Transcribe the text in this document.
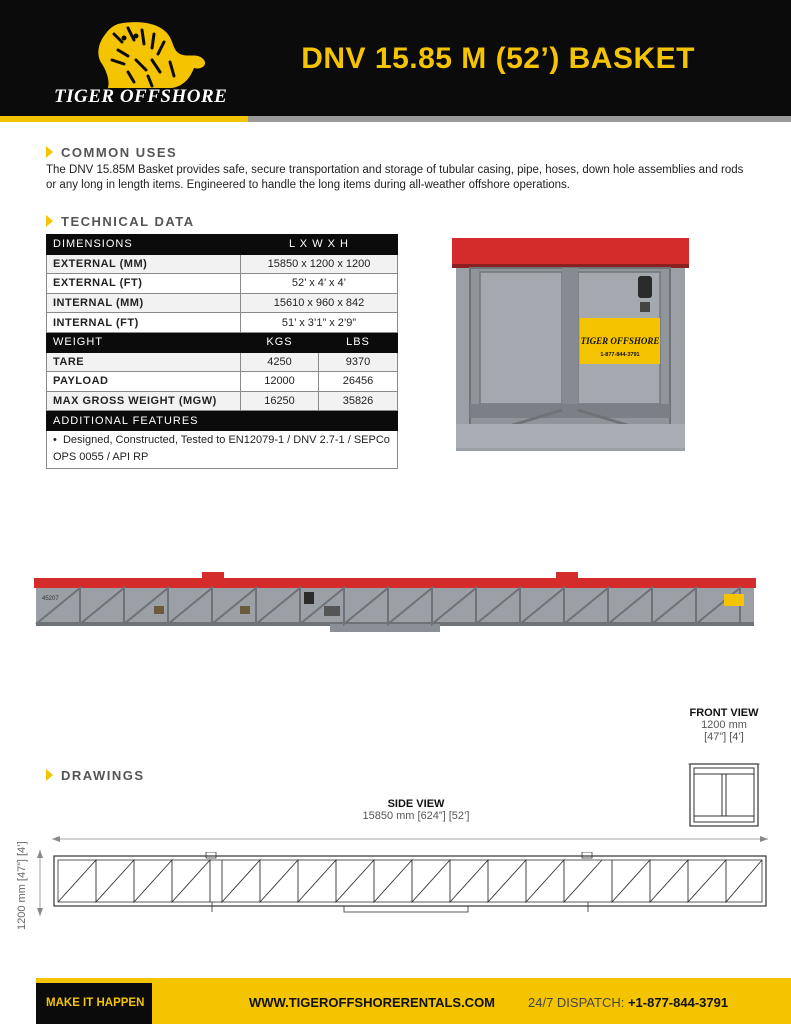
TIGER OFFSHORE
DNV 15.85 M (52’) BASKET
COMMON USES
The DNV 15.85M Basket provides safe, secure transportation and storage of tubular casing, pipe, hoses, down hole assemblies and rods or any long in length items. Engineered to handle the long items during all-weather offshore operations.
TECHNICAL DATA
DIMENSIONS	L X W X H	
EXTERNAL (MM)	15850 x 1200 x 1200	
EXTERNAL (FT)	52’ x 4’ x 4’	
INTERNAL (MM)	15610 x 960 x 842	
INTERNAL (FT)	51’ x 3’1” x 2’9”	
WEIGHT	KGS	LBS
TARE	4250	9370
PAYLOAD	12000	26456
MAX GROSS WEIGHT (MGW)	16250	35826
ADDITIONAL FEATURES		
•  Designed, Constructed, Tested to EN12079-1 / DNV 2.7-1 / SEPCo OPS 0055 / API RP		
TIGER OFFSHORE
1-877-844-3791
45207
DRAWINGS
FRONT VIEW
1200 mm
[47”] [4’]
SIDE VIEW
15850 mm [624”] [52’]
1200 mm [47”] [4’]
MAKE IT HAPPEN	WWW.TIGEROFFSHORERENTALS.COM	24/7 DISPATCH: +1-877-844-3791
